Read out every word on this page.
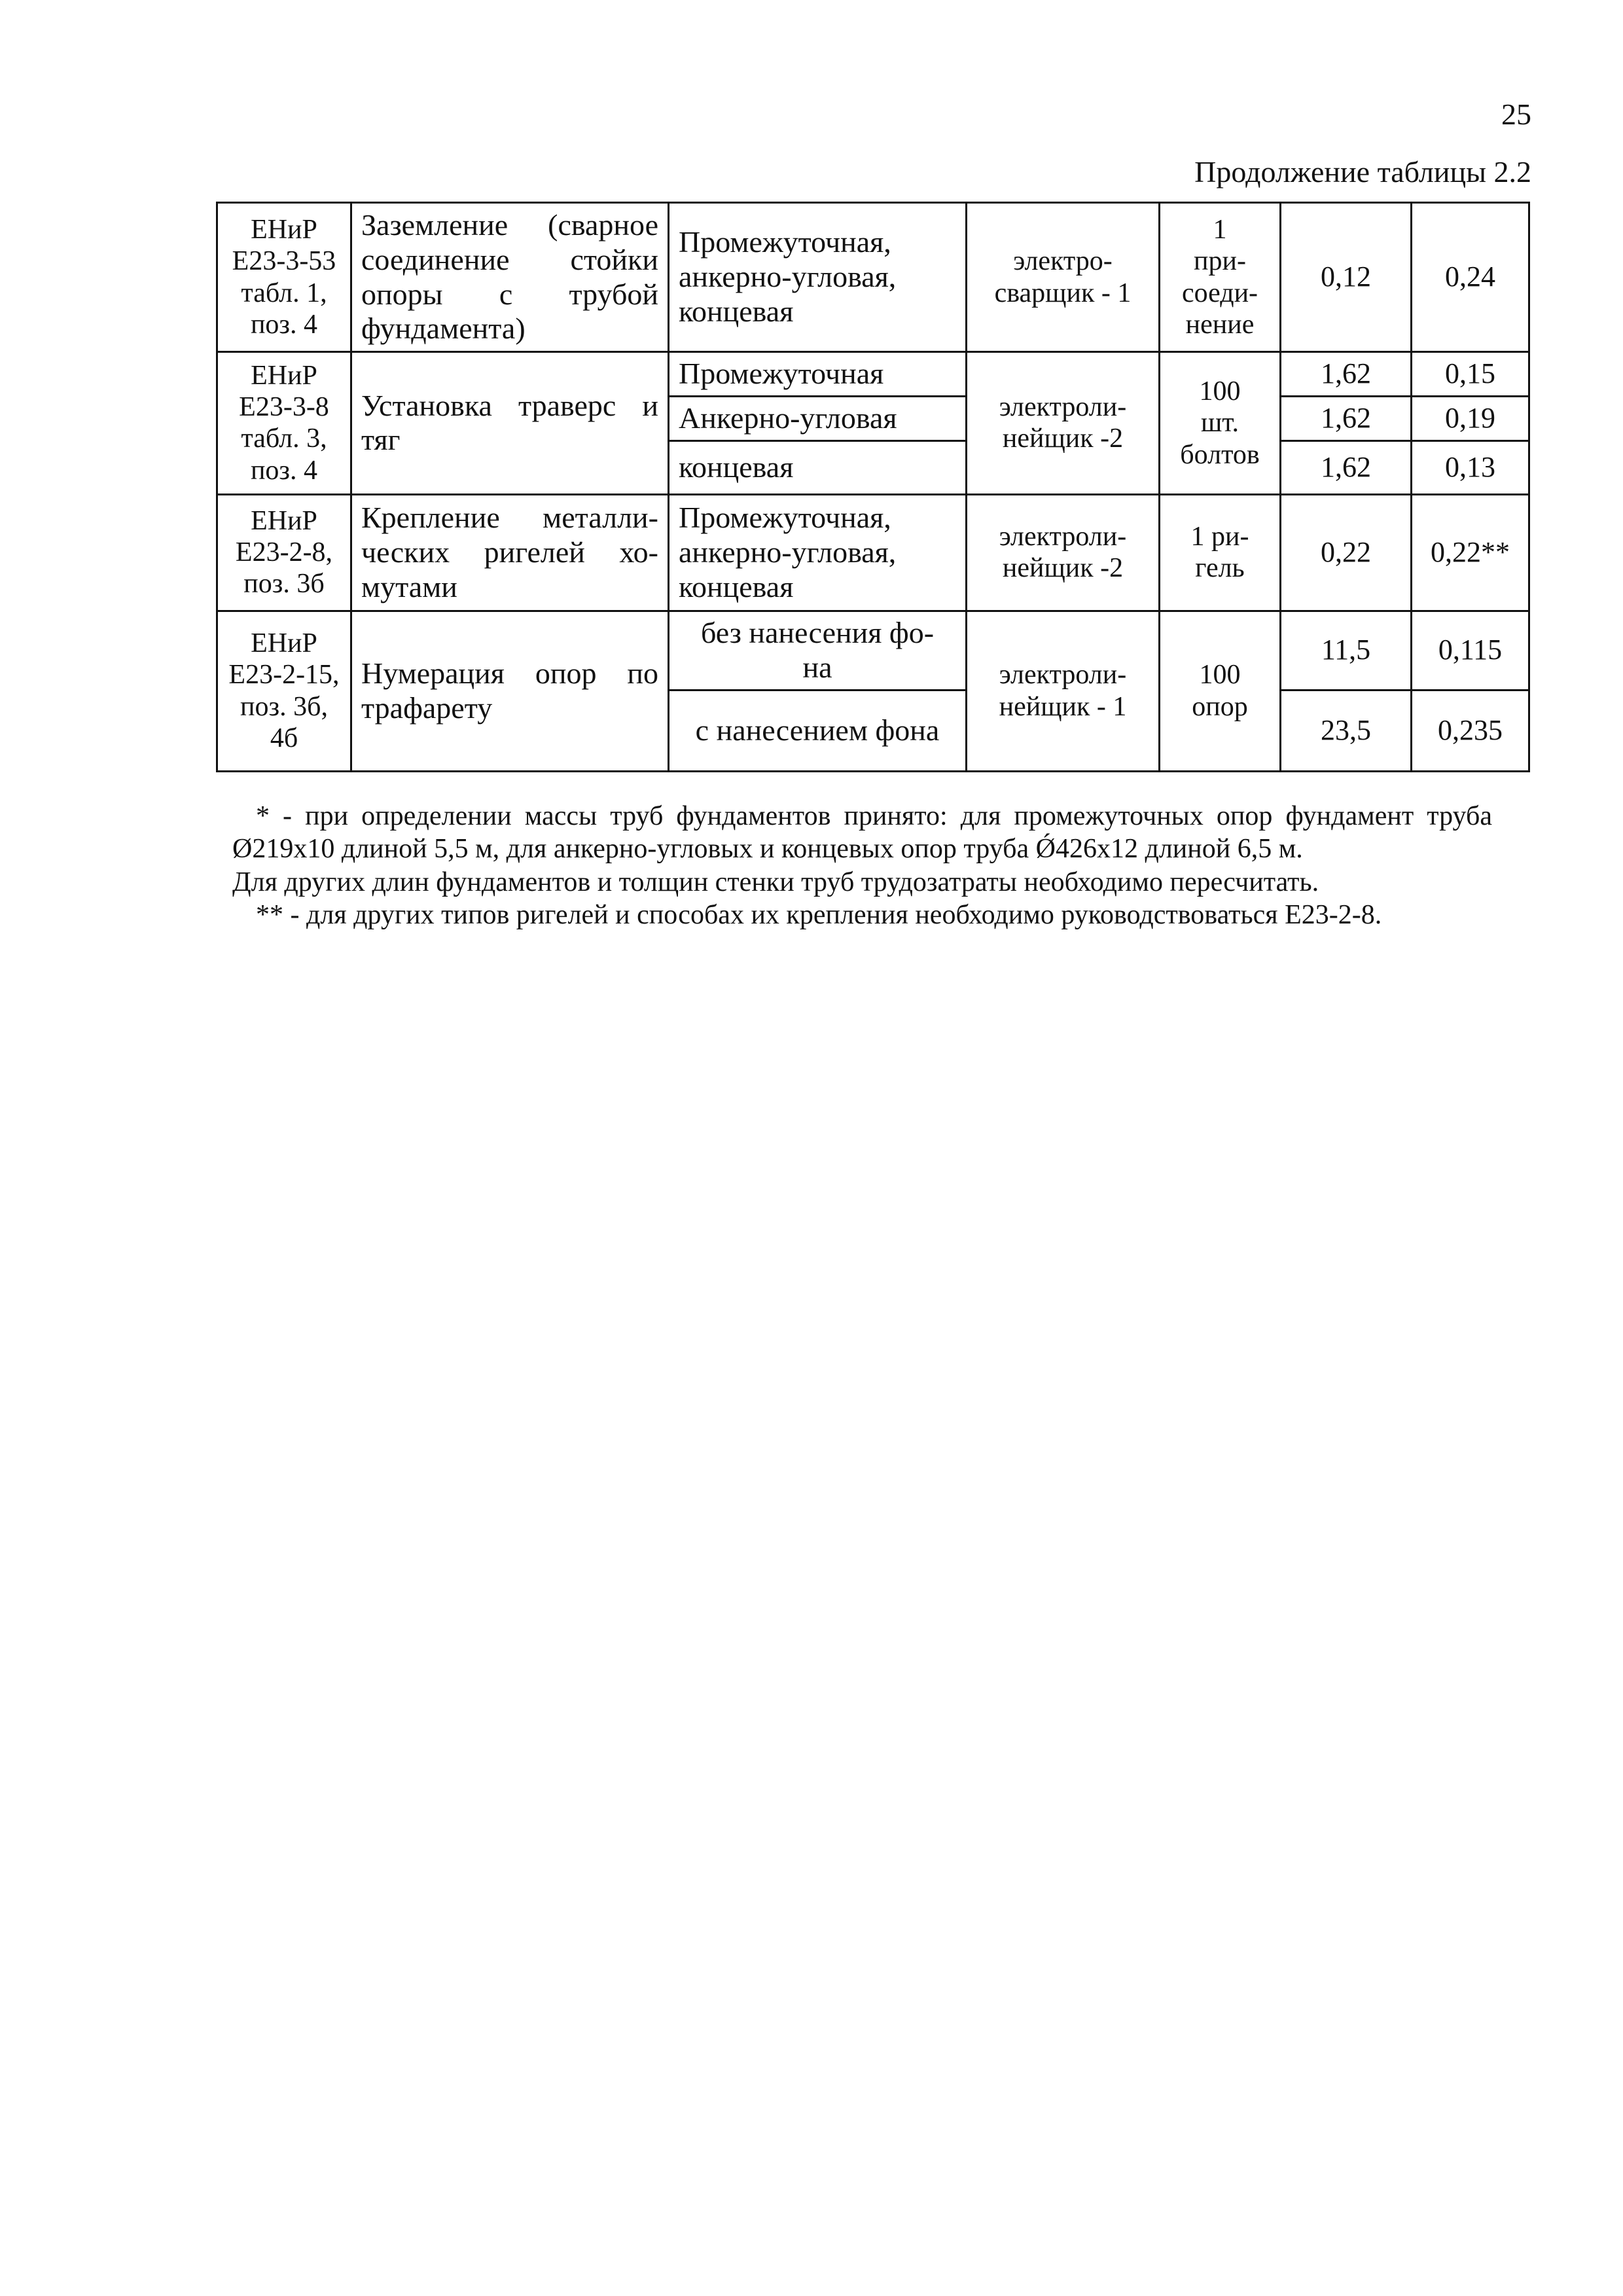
25
Продолжение таблицы 2.2
ЕНиР
Е23-3-53
табл. 1,
поз. 4	Заземление (сварное соединение стойки опоры с трубой фундамента)	Промежуточная,
анкерно-угловая,
концевая	электро-
сварщик - 1	1
при-
соеди-
нение	0,12	0,24
ЕНиР
Е23-3-8
табл. 3,
поз. 4	Установка траверс и тяг	Промежуточная	электроли-
нейщик -2	100
шт.
болтов	1,62	0,15
		Анкерно-угловая			1,62	0,19
		концевая			1,62	0,13
ЕНиР
Е23-2-8,
поз. 3б	Крепление металли-ческих ригелей хо-мутами	Промежуточная,
анкерно-угловая,
концевая	электроли-
нейщик -2	1 ри-
гель	0,22	0,22**
ЕНиР
Е23-2-15,
поз. 3б,
4б	Нумерация опор по трафарету	без нанесения фо-
на	электроли-
нейщик - 1	100
опор	11,5	0,115
		с нанесением фона			23,5	0,235

* - при определении массы труб фундаментов принято: для промежуточных опор фундамент труба Ø219х10 длиной 5,5 м, для анкерно-угловых и концевых опор труба Ǿ426х12 длиной 6,5 м.

Для других длин фундаментов и толщин стенки труб трудозатраты необходимо пересчитать.

** - для других типов ригелей и способах их крепления необходимо руководствоваться Е23-2-8.
